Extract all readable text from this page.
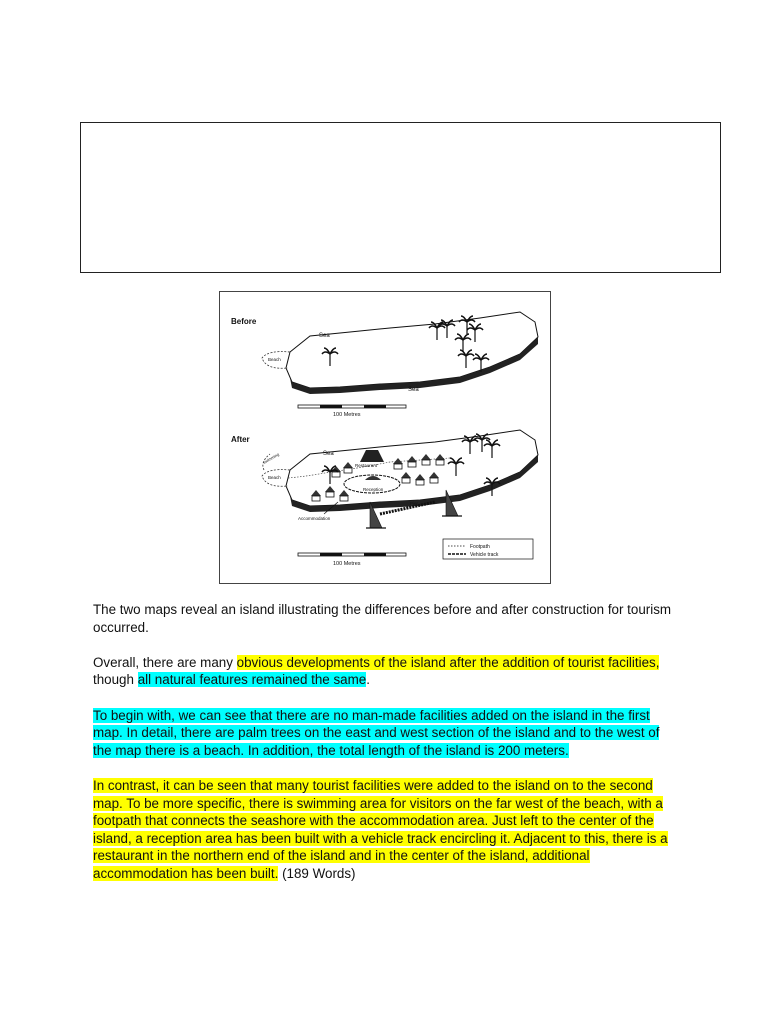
Before
Sea
Sea
Beach
100 Metres
After
swimming	Sea
Beach
Restaurant
Reception
Pier
Accommodation
Footpath
Vehicle track
100 Metres

The two maps reveal an island illustrating the differences before and after construction for tourism occurred.

Overall, there are many obvious developments of the island after the addition of tourist facilities, though all natural features remained the same.

To begin with, we can see that there are no man-made facilities added on the island in the first map. In detail, there are palm trees on the east and west section of the island and to the west of the map there is a beach. In addition, the total length of the island is 200 meters.

In contrast, it can be seen that many tourist facilities were added to the island on to the second map. To be more specific, there is swimming area for visitors on the far west of the beach, with a footpath that connects the seashore with the accommodation area. Just left to the center of the island, a reception area has been built with a vehicle track encircling it. Adjacent to this, there is a restaurant in the northern end of the island and in the center of the island, additional accommodation has been built. (189 Words)
